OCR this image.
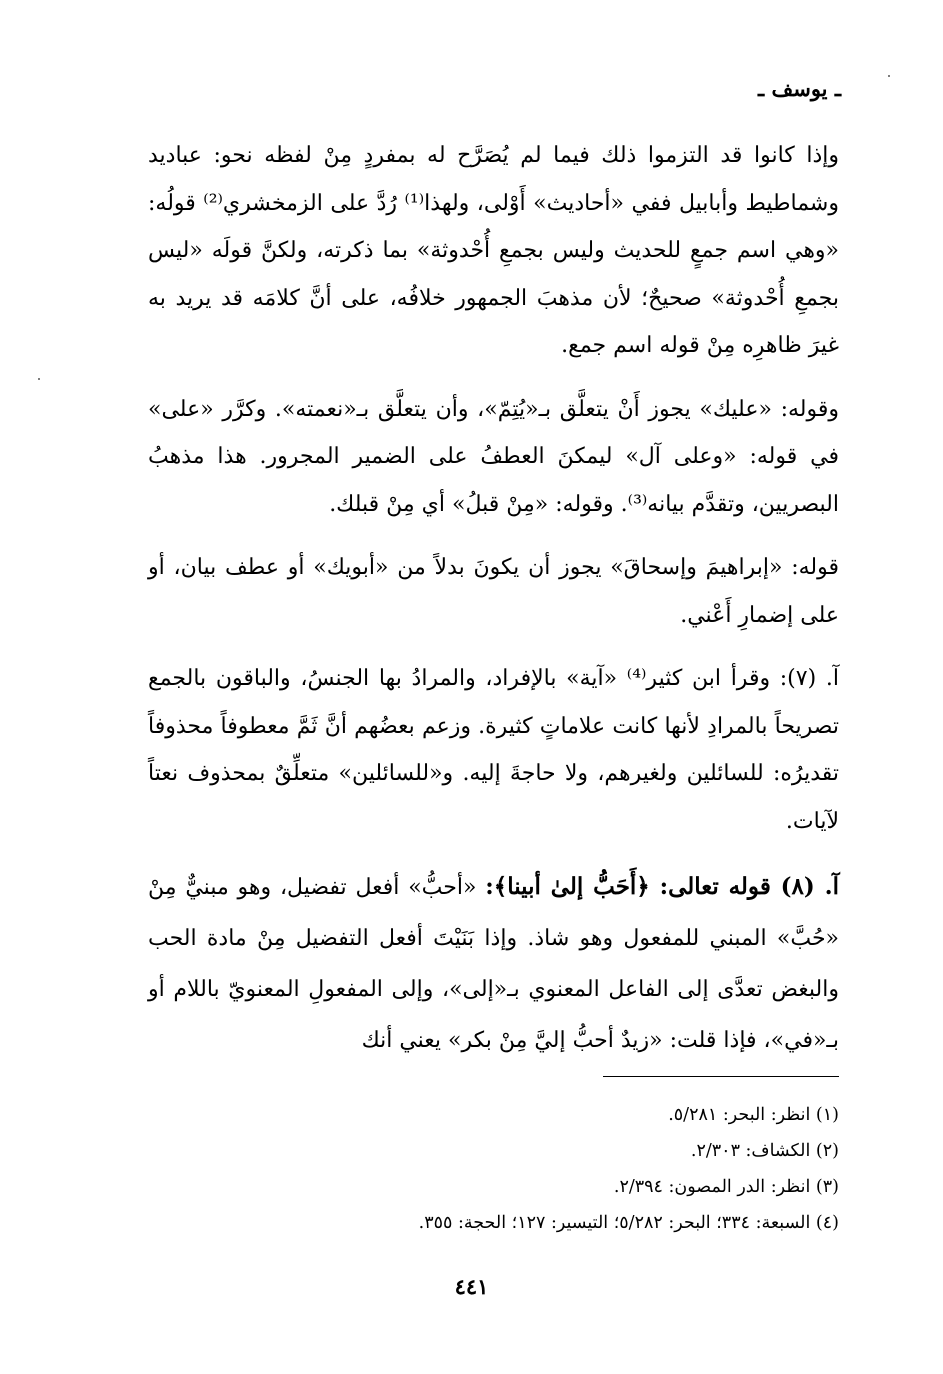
ـ يوسف ـ

وإذا كانوا قد التزموا ذلك فيما لم يُصَرَّح له بمفردٍ مِنْ لفظه نحو: عباديد وشماطيط وأبابيل ففي «أحاديث» أَوْلى، ولهذا⁽¹⁾ رُدَّ على الزمخشري⁽²⁾ قولُه: «وهي اسم جمعٍ للحديث وليس بجمعِ أُحْدوثة» بما ذكرته، ولكنَّ قولَه «ليس بجمعِ أُحْدوثة» صحيحٌ؛ لأن مذهبَ الجمهور خلافُه، على أنَّ كلامَه قد يريد به غيرَ ظاهرِه مِنْ قوله اسم جمع.

وقوله: «عليك» يجوز أَنْ يتعلَّق بـ«يُتِمّ»، وأن يتعلَّق بـ«نعمته». وكرَّر «على» في قوله: «وعلى آل» ليمكنَ العطفُ على الضمير المجرور. هذا مذهبُ البصريين، وتقدَّم بيانه⁽³⁾. وقوله: «مِنْ قبلُ» أي مِنْ قبلك.

قوله: «إبراهيمَ وإسحاقَ» يجوز أن يكونَ بدلاً من «أبويك» أو عطف بيان، أو على إضمارِ أَعْني.

آ. (٧): وقرأ ابن كثير⁽⁴⁾ «آية» بالإفراد، والمرادُ بها الجنسُ، والباقون بالجمع تصريحاً بالمرادِ لأنها كانت علاماتٍ كثيرة. وزعم بعضُهم أنَّ ثَمَّ معطوفاً محذوفاً تقديرُه: للسائلين ولغيرهم، ولا حاجةَ إليه. و«للسائلين» متعلِّقٌ بمحذوف نعتاً لآيات.

آ. (٨) قوله تعالى: ﴿أَحَبُّ إلىٰ أبينا﴾: «أحبُّ» أفعل تفضيل، وهو مبنيٌّ مِنْ «حُبَّ» المبني للمفعول وهو شاذ. وإذا بَنَيْتَ أفعل التفضيل مِنْ مادة الحب والبغض تعدَّى إلى الفاعل المعنوي بـ«إلى»، وإلى المفعولِ المعنويّ باللام أو بـ«في»، فإذا قلت: «زيدٌ أحبُّ إليَّ مِنْ بكر» يعني أنك

(١) انظر: البحر: ٥/٢٨١.

(٢) الكشاف: ٢/٣٠٣.

(٣) انظر: الدر المصون: ٢/٣٩٤.

(٤) السبعة: ٣٣٤؛ البحر: ٥/٢٨٢؛ التيسير: ١٢٧؛ الحجة: ٣٥٥.

٤٤١
